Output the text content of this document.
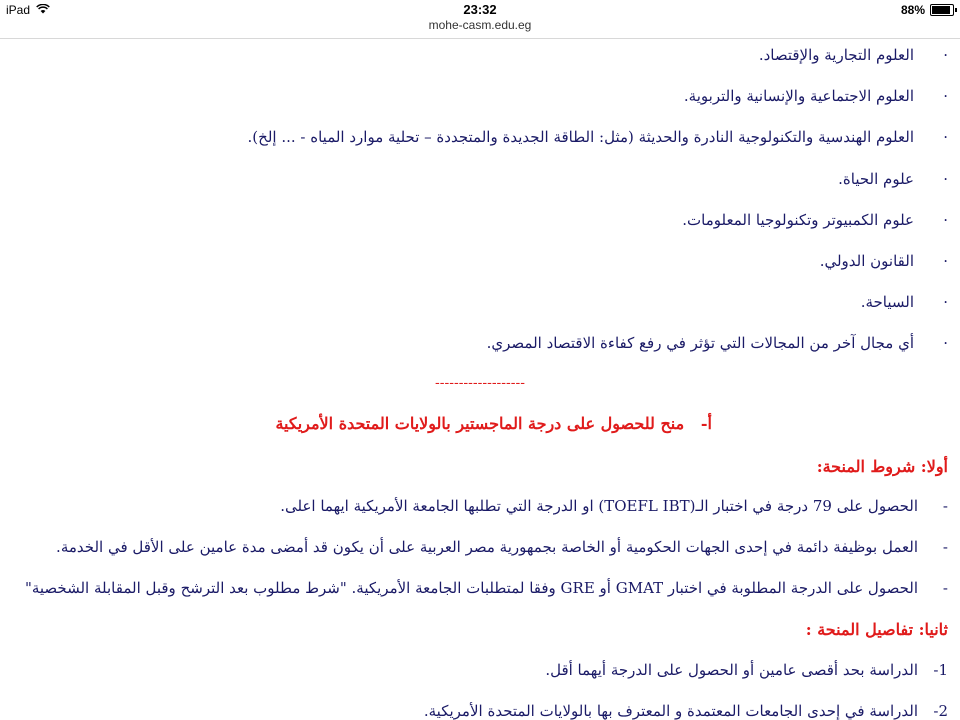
iPad	23:32	88%
mohe-casm.edu.eg
·العلوم التجارية والإقتصاد.
·العلوم الاجتماعية والإنسانية والتربوية.
·العلوم الهندسية والتكنولوجية النادرة والحديثة (مثل: الطاقة الجديدة والمتجددة – تحلية موارد المياه - ... إلخ).
·علوم الحياة.
·علوم الكمبيوتر وتكنولوجيا المعلومات.
·القانون الدولي.
·السياحة.
·أي مجال آخر من المجالات التي تؤثر في رفع كفاءة الاقتصاد المصري.
-------------------
أ-   منح للحصول على درجة الماجستير بالولايات المتحدة الأمريكية
أولا: شروط المنحة:
-الحصول على 79 درجة في اختبار الـ(TOEFL IBT) او الدرجة التي تطلبها الجامعة الأمريكية ايهما اعلى.
-العمل بوظيفة دائمة في إحدى الجهات الحكومية أو الخاصة بجمهورية مصر العربية على أن يكون قد أمضى مدة عامين على الأقل في الخدمة.
-الحصول على الدرجة المطلوبة في اختبار GMAT أو GRE وفقا لمتطلبات الجامعة الأمريكية. "شرط مطلوب بعد الترشح وقبل المقابلة الشخصية"
ثانيا: تفاصيل المنحة :
1-الدراسة بحد أقصى عامين أو الحصول على الدرجة أيهما أقل.
2-الدراسة في إحدى الجامعات المعتمدة و المعترف بها بالولايات المتحدة الأمريكية.
